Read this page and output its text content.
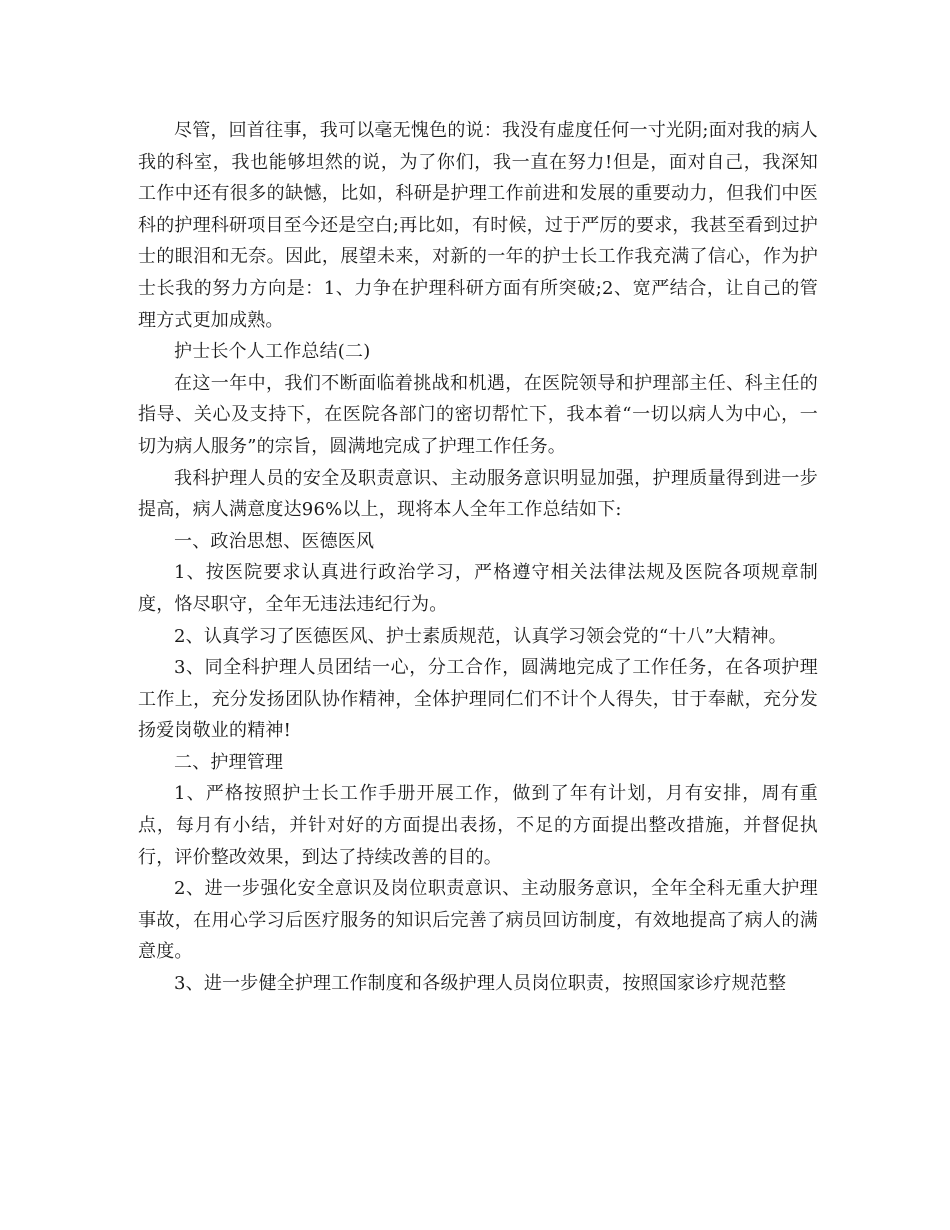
尽管，回首往事，我可以毫无愧色的说：我没有虚度任何一寸光阴;面对我的病人我的科室，我也能够坦然的说，为了你们，我一直在努力!但是，面对自己，我深知工作中还有很多的缺憾，比如，科研是护理工作前进和发展的重要动力，但我们中医科的护理科研项目至今还是空白;再比如，有时候，过于严厉的要求，我甚至看到过护士的眼泪和无奈。因此，展望未来，对新的一年的护士长工作我充满了信心，作为护士长我的努力方向是：1、力争在护理科研方面有所突破;2、宽严结合，让自己的管理方式更加成熟。

护士长个人工作总结(二)

在这一年中，我们不断面临着挑战和机遇，在医院领导和护理部主任、科主任的指导、关心及支持下，在医院各部门的密切帮忙下，我本着“一切以病人为中心，一切为病人服务”的宗旨，圆满地完成了护理工作任务。

我科护理人员的安全及职责意识、主动服务意识明显加强，护理质量得到进一步提高，病人满意度达96%以上，现将本人全年工作总结如下:

一、政治思想、医德医风

1、按医院要求认真进行政治学习，严格遵守相关法律法规及医院各项规章制度，恪尽职守，全年无违法违纪行为。

2、认真学习了医德医风、护士素质规范，认真学习领会党的“十八”大精神。

3、同全科护理人员团结一心，分工合作，圆满地完成了工作任务，在各项护理工作上，充分发扬团队协作精神，全体护理同仁们不计个人得失，甘于奉献，充分发扬爱岗敬业的精神!

二、护理管理

1、严格按照护士长工作手册开展工作，做到了年有计划，月有安排，周有重点，每月有小结，并针对好的方面提出表扬，不足的方面提出整改措施，并督促执行，评价整改效果，到达了持续改善的目的。

2、进一步强化安全意识及岗位职责意识、主动服务意识，全年全科无重大护理事故，在用心学习后医疗服务的知识后完善了病员回访制度，有效地提高了病人的满意度。

3、进一步健全护理工作制度和各级护理人员岗位职责，按照国家诊疗规范整
